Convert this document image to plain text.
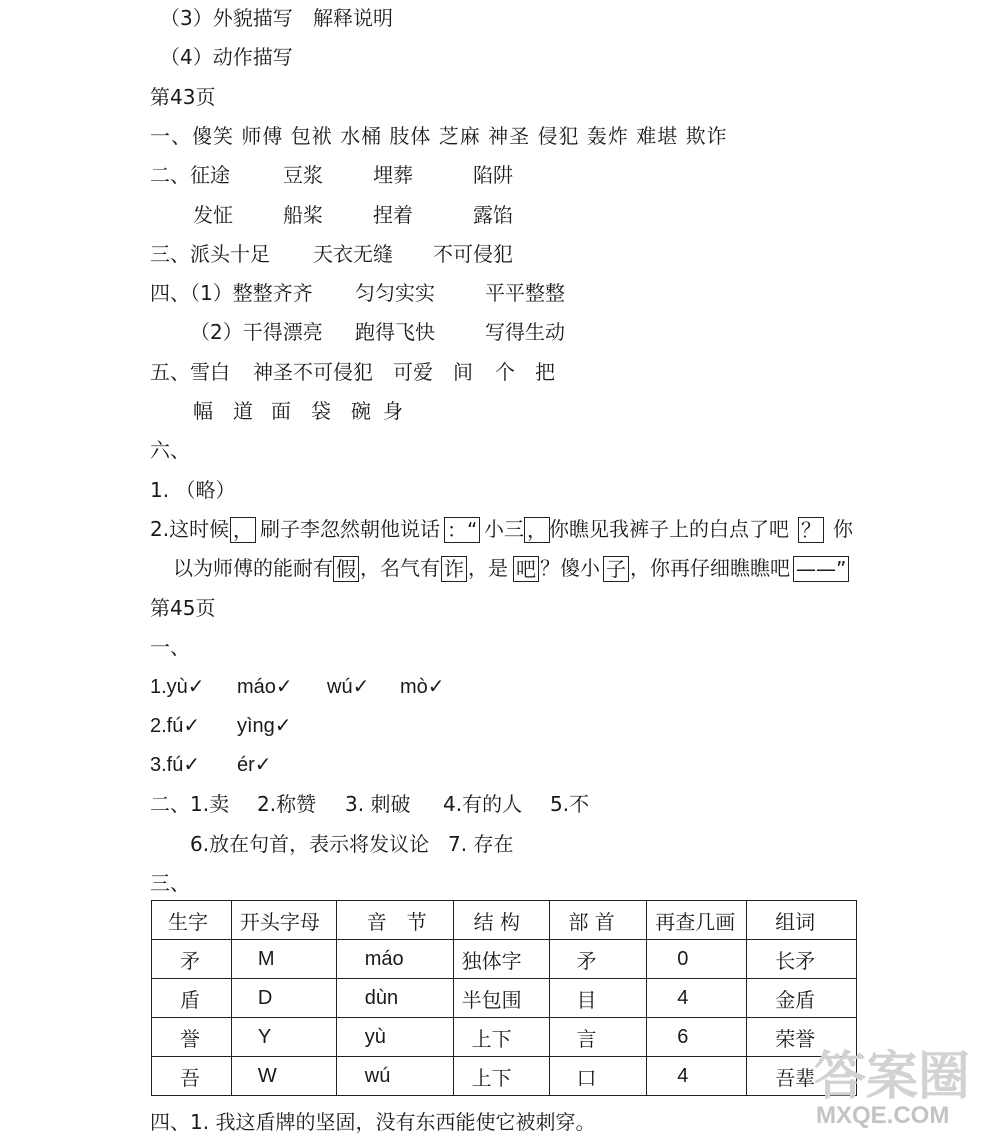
（3）外貌描写 解释说明
（4）动作描写
第43页
一、傻笑 师傅 包袱 水桶 肢体 芝麻 神圣 侵犯 轰炸 难堪 欺诈
二、征途	豆浆	埋葬	陷阱
发怔	船桨	捏着	露馅
三、派头十足 天衣无缝 不可侵犯
四、（1）整整齐齐 匀匀实实	平平整整
（2）干得漂亮 跑得飞快	写得生动
五、雪白 神圣不可侵犯 可爱 间 个 把
幅 道 面 袋 碗 身
六、
1. （略）
2.这时候 ， 刷子李忽然朝他说话 ：“ 小三 ， 你瞧见我裤子上的白点了吧 ？ 你
以为师傅的能耐有 假 ，名气有 诈 ，是 吧 ？傻小 子 ，你再仔细瞧瞧吧 ——”
第45页
一、
1.yù✓ máo✓ wú✓ mò✓
2.fú✓ yìng✓
3.fú✓ ér✓
二、1.卖 2.称赞 3. 刺破 4.有的人 5.不
6.放在句首，表示将发议论 7. 存在
三、
生字	开头字母	音　节	结 构	部 首	再查几画	组词
矛	M	máo	独体字	矛	0	长矛
盾	D	dùn	半包围	目	4	金盾
誉	Y	yù	上下	言	6	荣誉
吾	W	wú	上下	口	4	吾辈
四、1. 我这盾牌的坚固，没有东西能使它被刺穿。
答案圈
MXQE.COM
